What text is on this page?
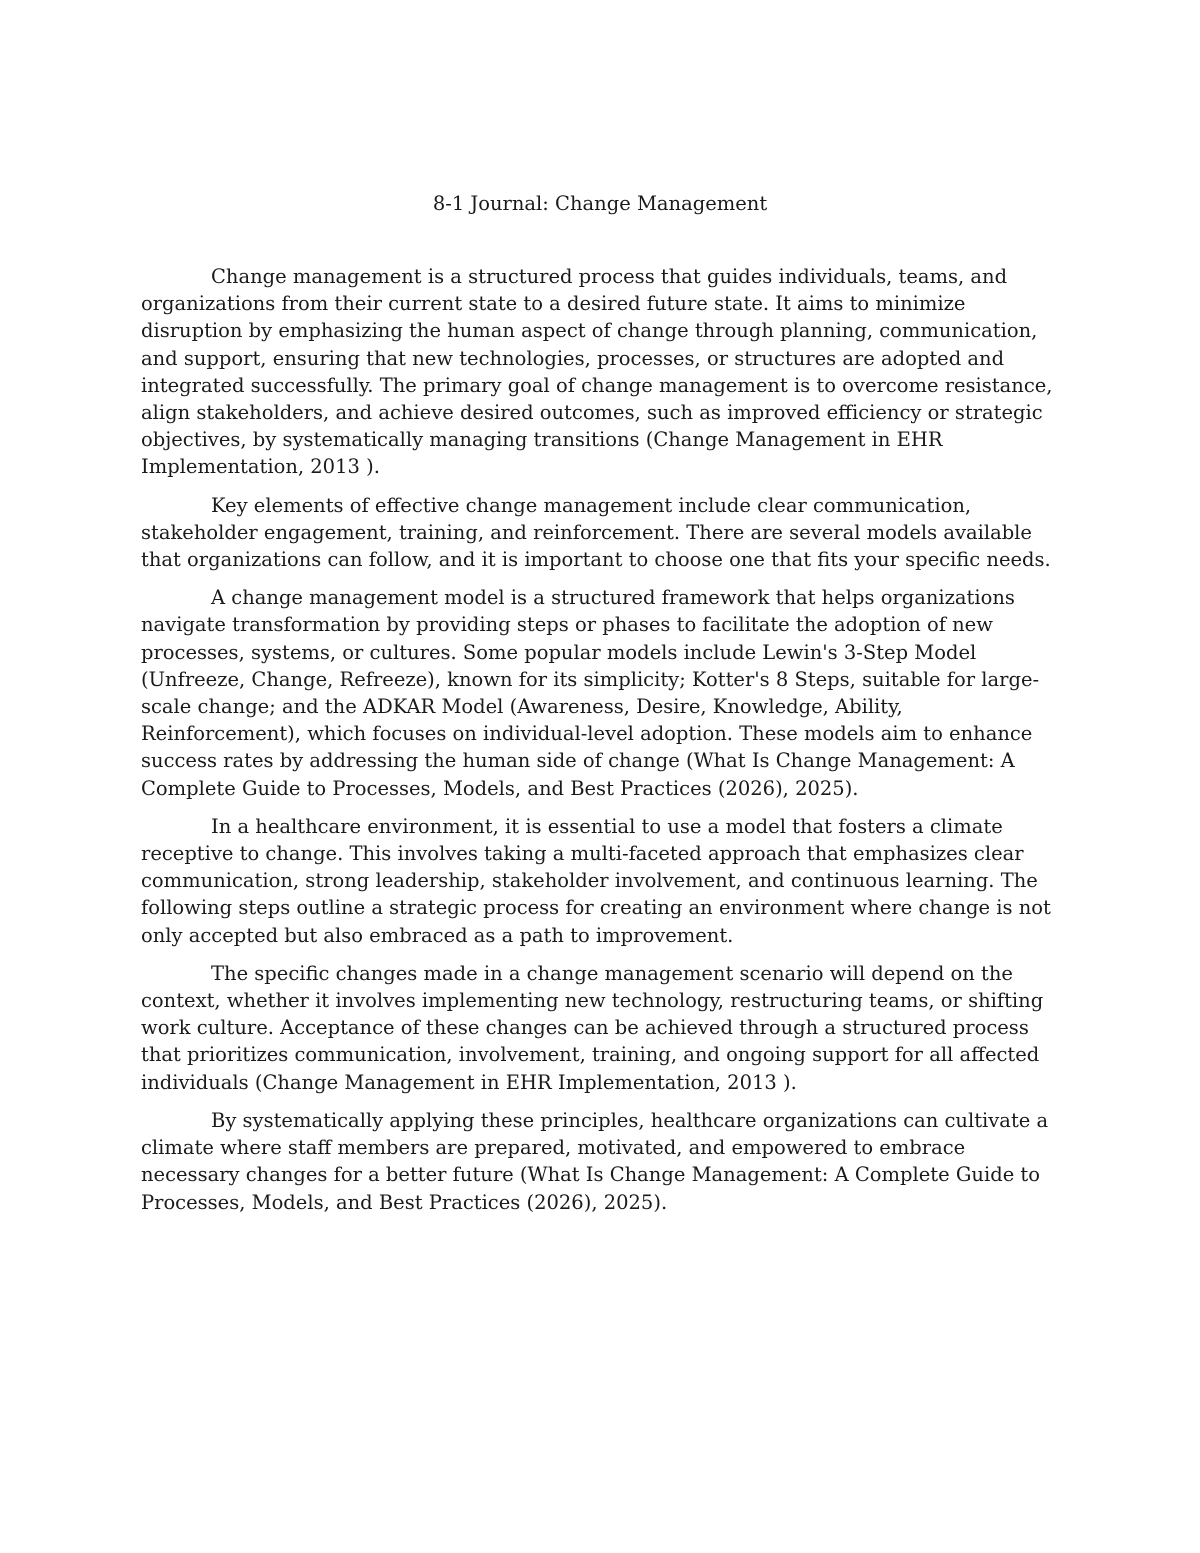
8-1 Journal: Change Management

Change management is a structured process that guides individuals, teams, and organizations from their current state to a desired future state. It aims to minimize disruption by emphasizing the human aspect of change through planning, communication, and support, ensuring that new technologies, processes, or structures are adopted and integrated successfully. The primary goal of change management is to overcome resistance, align stakeholders, and achieve desired outcomes, such as improved efficiency or strategic objectives, by systematically managing transitions (Change Management in EHR Implementation, 2013 ).

Key elements of effective change management include clear communication, stakeholder engagement, training, and reinforcement. There are several models available that organizations can follow, and it is important to choose one that fits your specific needs.

A change management model is a structured framework that helps organizations navigate transformation by providing steps or phases to facilitate the adoption of new processes, systems, or cultures. Some popular models include Lewin's 3-Step Model (Unfreeze, Change, Refreeze), known for its simplicity; Kotter's 8 Steps, suitable for large-scale change; and the ADKAR Model (Awareness, Desire, Knowledge, Ability, Reinforcement), which focuses on individual-level adoption. These models aim to enhance success rates by addressing the human side of change (What Is Change Management: A Complete Guide to Processes, Models, and Best Practices (2026), 2025).

In a healthcare environment, it is essential to use a model that fosters a climate receptive to change. This involves taking a multi-faceted approach that emphasizes clear communication, strong leadership, stakeholder involvement, and continuous learning. The following steps outline a strategic process for creating an environment where change is not only accepted but also embraced as a path to improvement.

The specific changes made in a change management scenario will depend on the context, whether it involves implementing new technology, restructuring teams, or shifting work culture. Acceptance of these changes can be achieved through a structured process that prioritizes communication, involvement, training, and ongoing support for all affected individuals (Change Management in EHR Implementation, 2013 ).

By systematically applying these principles, healthcare organizations can cultivate a climate where staff members are prepared, motivated, and empowered to embrace necessary changes for a better future (What Is Change Management: A Complete Guide to Processes, Models, and Best Practices (2026), 2025).
